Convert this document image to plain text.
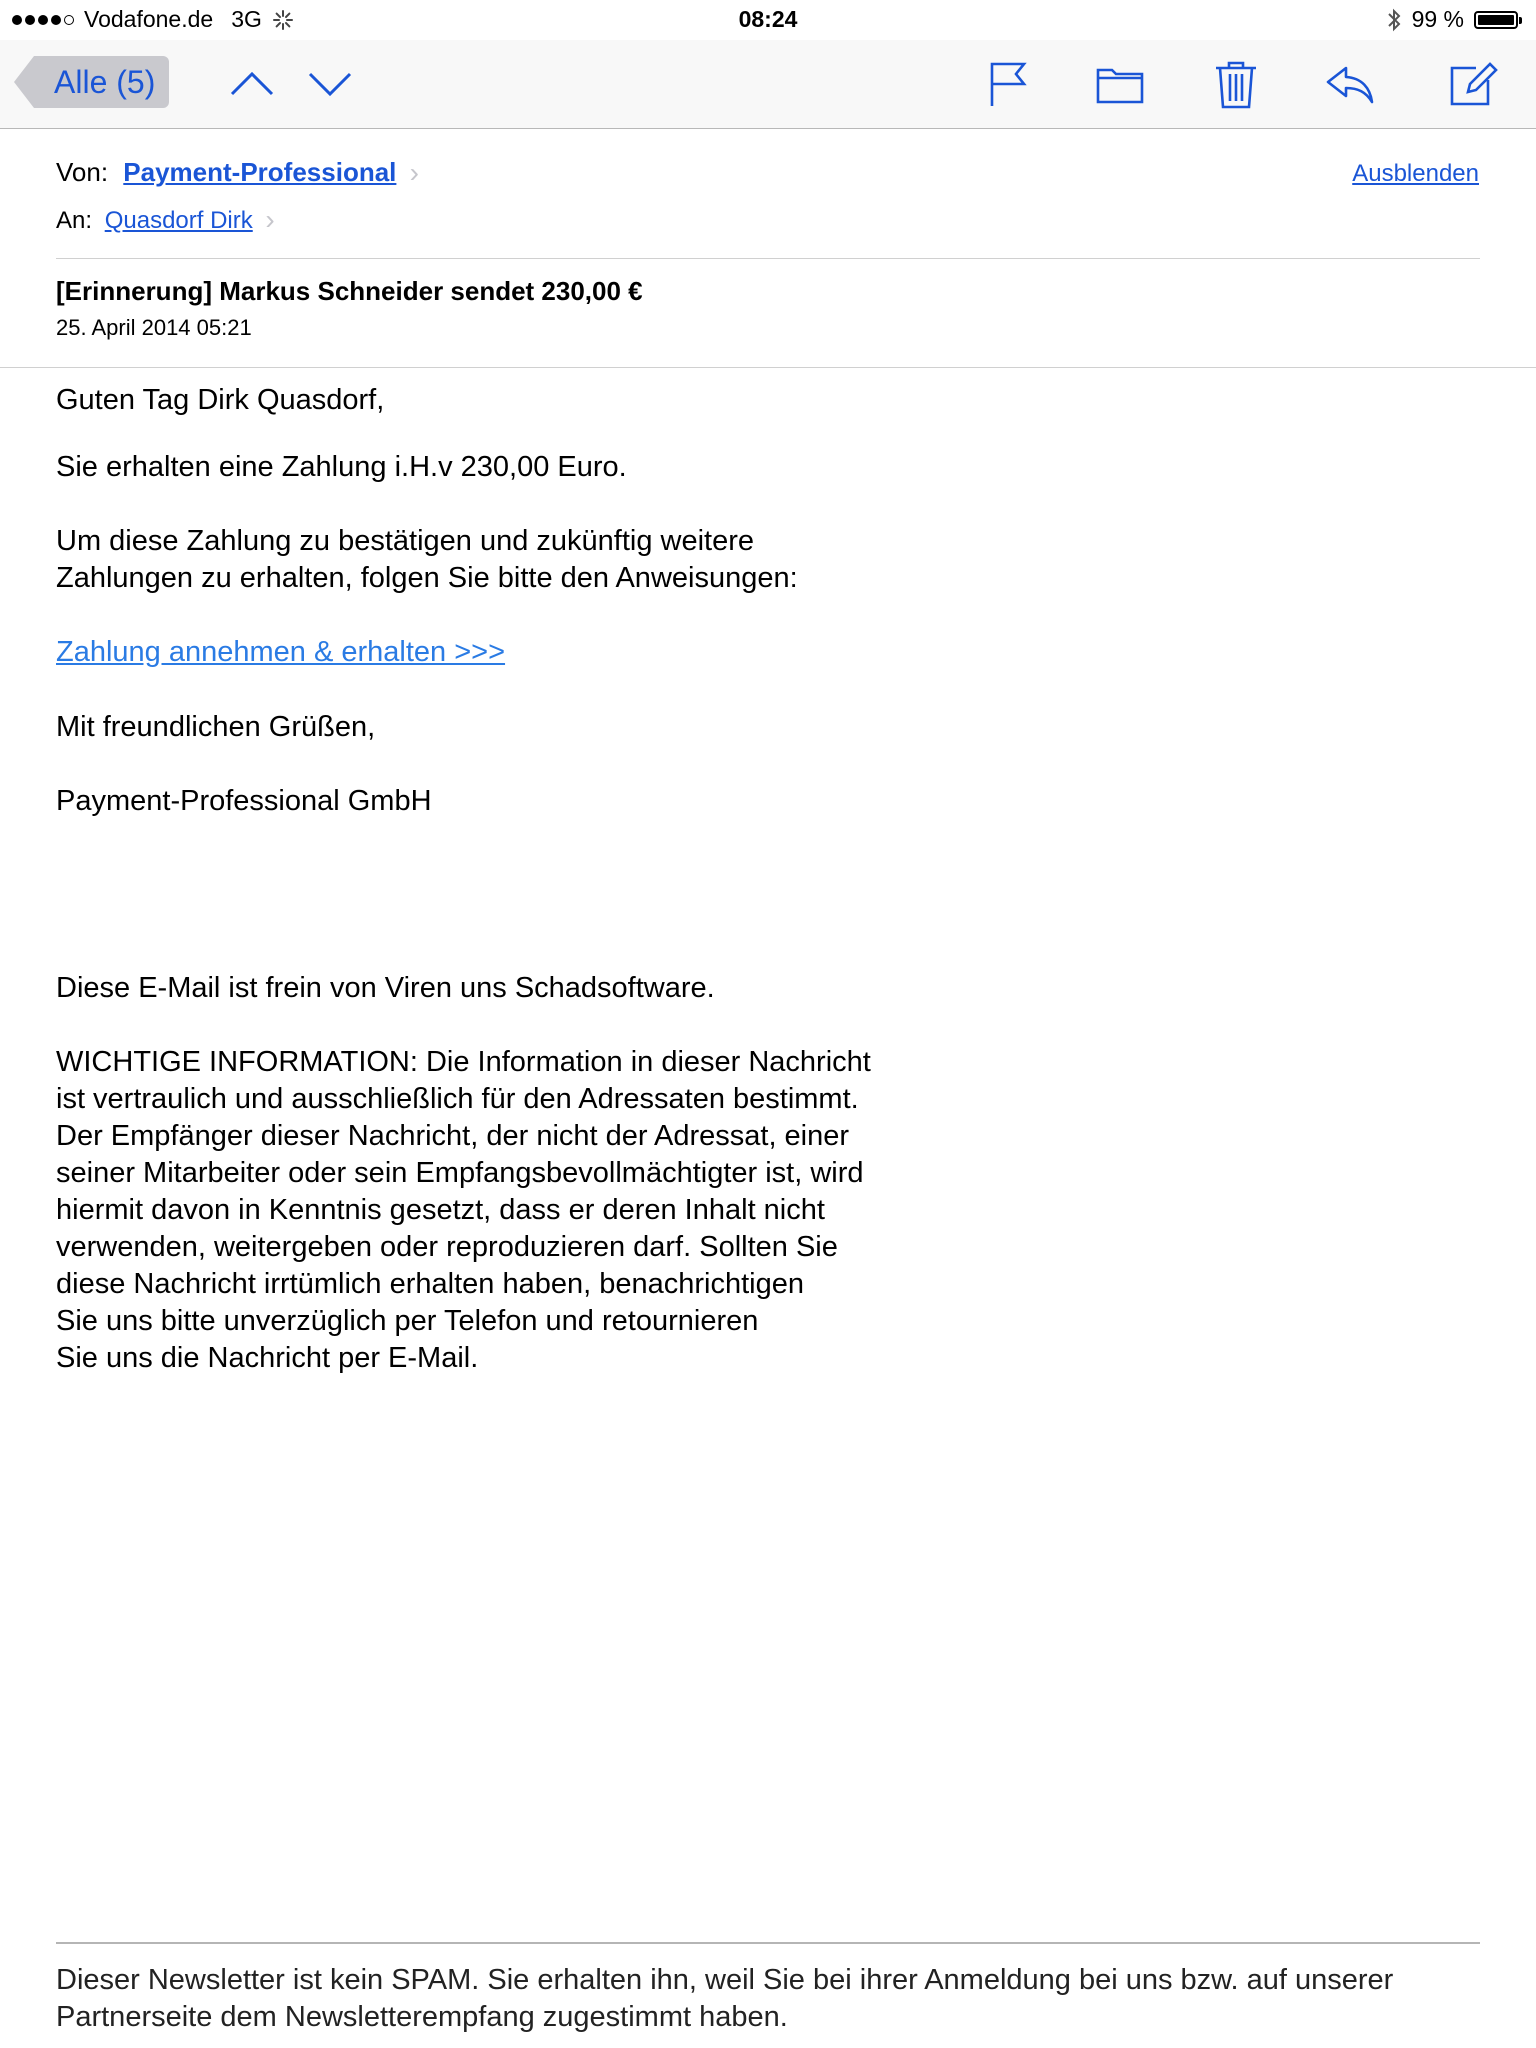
Vodafone.de 3G	08:24	99 %
Alle (5)
Von: Payment-Professional ›	Ausblenden
An: Quasdorf Dirk ›
[Erinnerung] Markus Schneider sendet 230,00 €
25. April 2014 05:21
Guten Tag Dirk Quasdorf,
Sie erhalten eine Zahlung i.H.v 230,00 Euro.
Um diese Zahlung zu bestätigen und zukünftig weitere
Zahlungen zu erhalten, folgen Sie bitte den Anweisungen:
Zahlung annehmen & erhalten >>>
Mit freundlichen Grüßen,
Payment-Professional GmbH
Diese E-Mail ist frein von Viren uns Schadsoftware.
WICHTIGE INFORMATION: Die Information in dieser Nachricht
ist vertraulich und ausschließlich für den Adressaten bestimmt.
Der Empfänger dieser Nachricht, der nicht der Adressat, einer
seiner Mitarbeiter oder sein Empfangsbevollmächtigter ist, wird
hiermit davon in Kenntnis gesetzt, dass er deren Inhalt nicht
verwenden, weitergeben oder reproduzieren darf. Sollten Sie
diese Nachricht irrtümlich erhalten haben, benachrichtigen
Sie uns bitte unverzüglich per Telefon und retournieren
Sie uns die Nachricht per E-Mail.
Dieser Newsletter ist kein SPAM. Sie erhalten ihn, weil Sie bei ihrer Anmeldung bei uns bzw. auf unserer
Partnerseite dem Newsletterempfang zugestimmt haben.
